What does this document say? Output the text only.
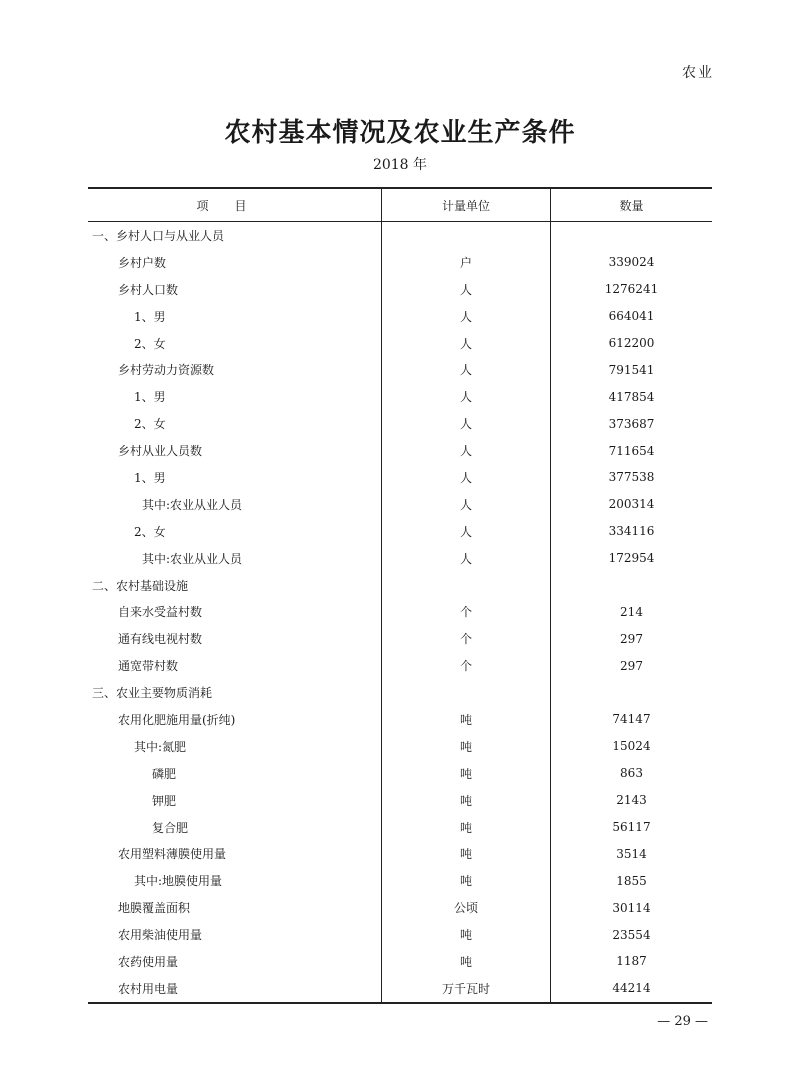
农业
农村基本情况及农业生产条件
2018 年
项目	计量单位	数量
一、乡村人口与从业人员		
乡村户数	户	339024
乡村人口数	人	1276241
1、男	人	664041
2、女	人	612200
乡村劳动力资源数	人	791541
1、男	人	417854
2、女	人	373687
乡村从业人员数	人	711654
1、男	人	377538
其中:农业从业人员	人	200314
2、女	人	334116
其中:农业从业人员	人	172954
二、农村基础设施		
自来水受益村数	个	214
通有线电视村数	个	297
通宽带村数	个	297
三、农业主要物质消耗		
农用化肥施用量(折纯)	吨	74147
其中:氮肥	吨	15024
磷肥	吨	863
钾肥	吨	2143
复合肥	吨	56117
农用塑料薄膜使用量	吨	3514
其中:地膜使用量	吨	1855
地膜覆盖面积	公顷	30114
农用柴油使用量	吨	23554
农药使用量	吨	1187
农村用电量	万千瓦时	44214
— 29 —
